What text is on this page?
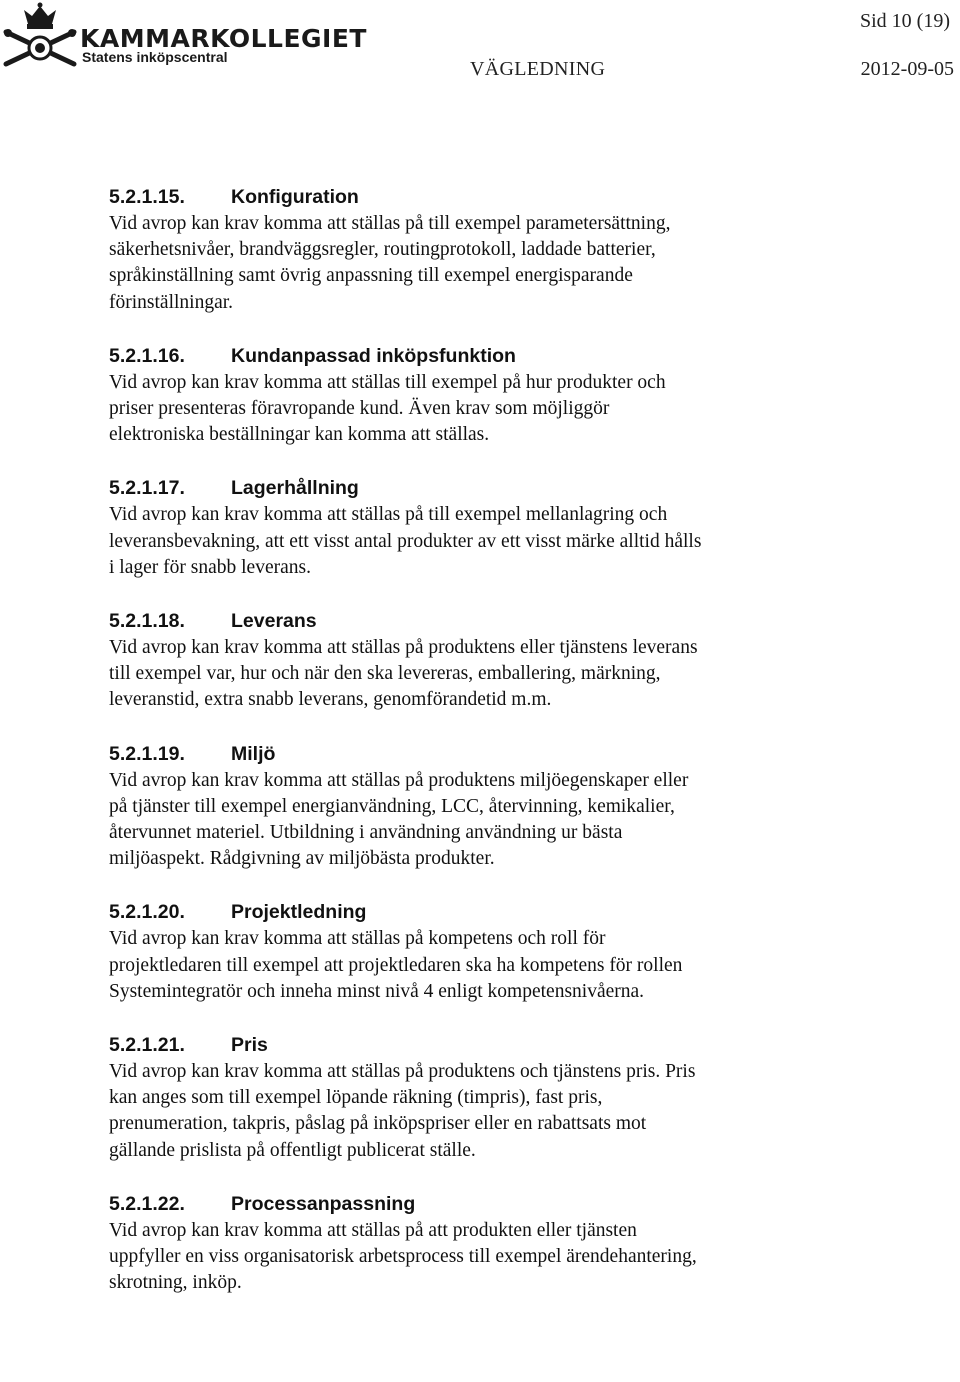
KAMMARKOLLEGIET
Statens inköpscentral
Sid 10 (19)
VÄGLEDNING	2012-09-05
5.2.1.15. Konfiguration
Vid avrop kan krav komma att ställas på till exempel parametersättning,
säkerhetsnivåer, brandväggsregler, routingprotokoll, laddade batterier,
språkinställning samt övrig anpassning till exempel energisparande
förinställningar.
5.2.1.16. Kundanpassad inköpsfunktion
Vid avrop kan krav komma att ställas till exempel på hur produkter och
priser presenteras föravropande kund. Även krav som möjliggör
elektroniska beställningar kan komma att ställas.
5.2.1.17. Lagerhållning
Vid avrop kan krav komma att ställas på till exempel mellanlagring och
leveransbevakning, att ett visst antal produkter av ett visst märke alltid hålls
i lager för snabb leverans.
5.2.1.18. Leverans
Vid avrop kan krav komma att ställas på produktens eller tjänstens leverans
till exempel var, hur och när den ska levereras, emballering, märkning,
leveranstid, extra snabb leverans, genomförandetid m.m.
5.2.1.19. Miljö
Vid avrop kan krav komma att ställas på produktens miljöegenskaper eller
på tjänster till exempel energianvändning, LCC, återvinning, kemikalier,
återvunnet materiel. Utbildning i användning användning ur bästa
miljöaspekt. Rådgivning av miljöbästa produkter.
5.2.1.20. Projektledning
Vid avrop kan krav komma att ställas på kompetens och roll för
projektledaren till exempel att projektledaren ska ha kompetens för rollen
Systemintegratör och inneha minst nivå 4 enligt kompetensnivåerna.
5.2.1.21. Pris
Vid avrop kan krav komma att ställas på produktens och tjänstens pris. Pris
kan anges som till exempel löpande räkning (timpris), fast pris,
prenumeration, takpris, påslag på inköpspriser eller en rabattsats mot
gällande prislista på offentligt publicerat ställe.
5.2.1.22. Processanpassning
Vid avrop kan krav komma att ställas på att produkten eller tjänsten
uppfyller en viss organisatorisk arbetsprocess till exempel ärendehantering,
skrotning, inköp.
